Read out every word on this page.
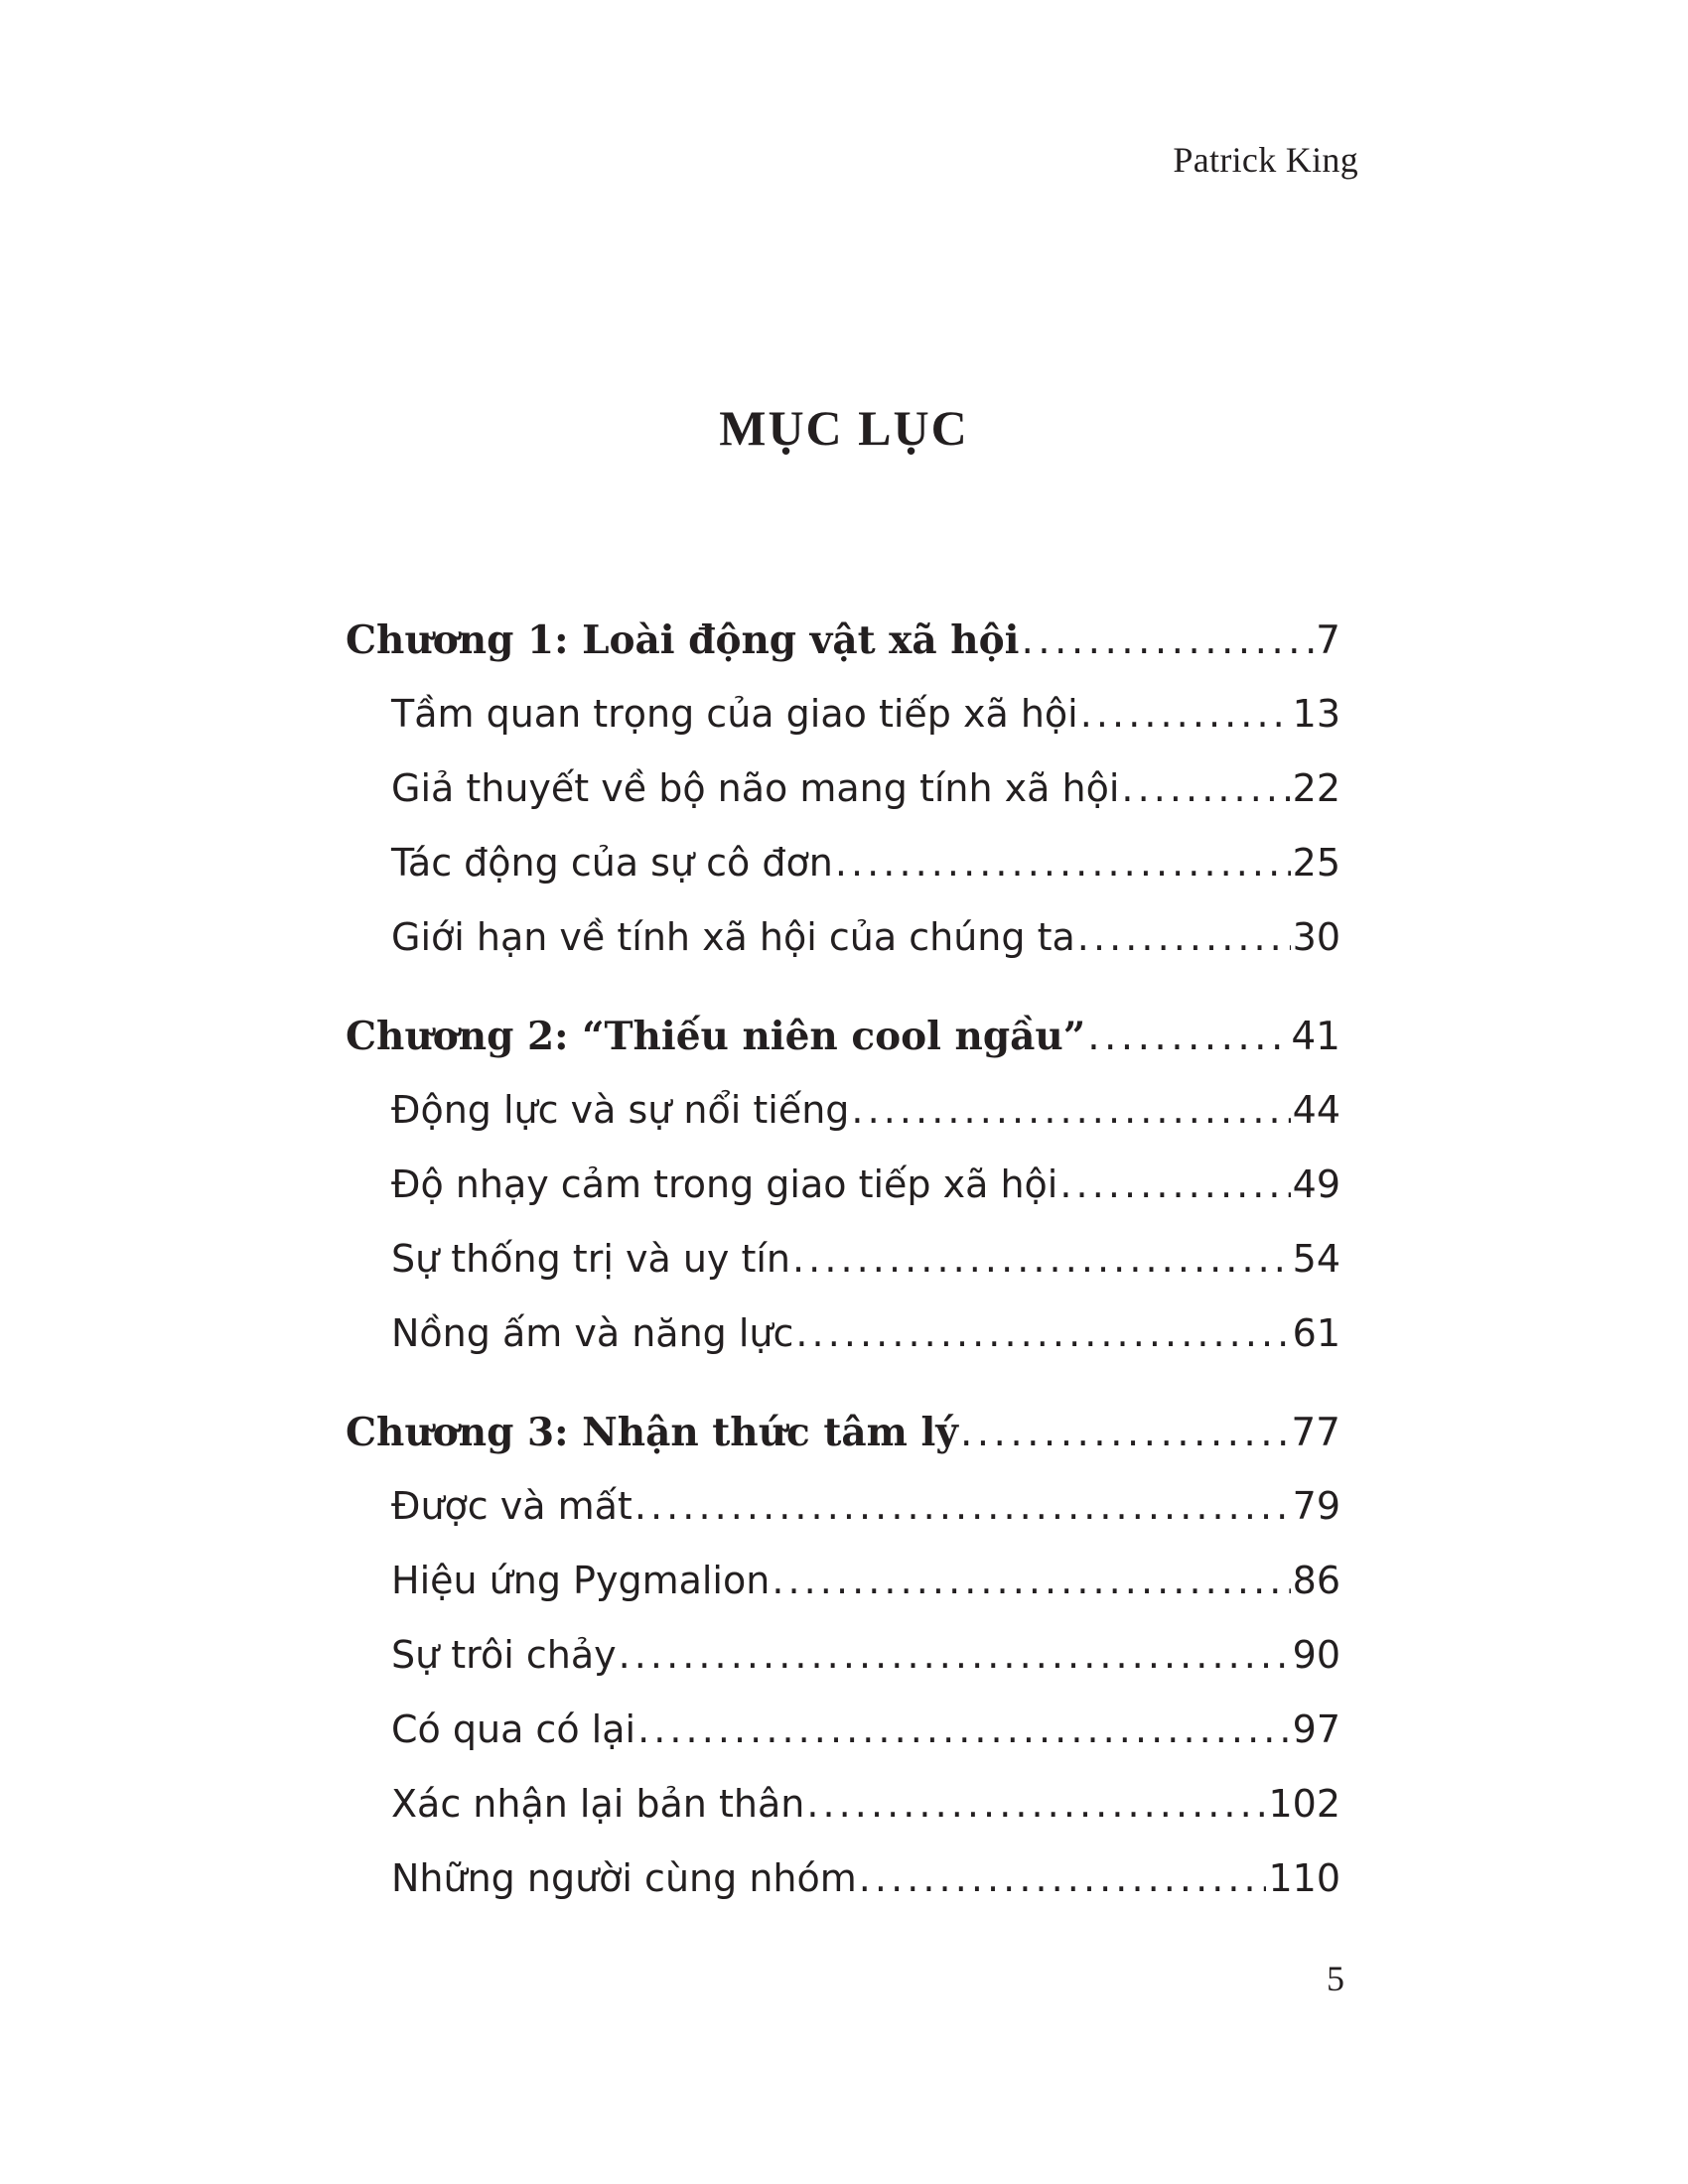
Patrick King
MỤC LỤC
Chương 1: Loài động vật xã hội . . .	7
Tầm quan trọng của giao tiếp xã hội . . .	13
Giả thuyết về bộ não mang tính xã hội . . .	22
Tác động của sự cô đơn . . .	25
Giới hạn về tính xã hội của chúng ta . . .	30
Chương 2: “Thiếu niên cool ngầu” . . .	41
Động lực và sự nổi tiếng . . .	44
Độ nhạy cảm trong giao tiếp xã hội . . .	49
Sự thống trị và uy tín . . .	54
Nồng ấm và năng lực . . .	61
Chương 3: Nhận thức tâm lý . . .	77
Được và mất . . .	79
Hiệu ứng Pygmalion . . .	86
Sự trôi chảy . . .	90
Có qua có lại . . .	97
Xác nhận lại bản thân . . .	102
Những người cùng nhóm . . .	110
5
